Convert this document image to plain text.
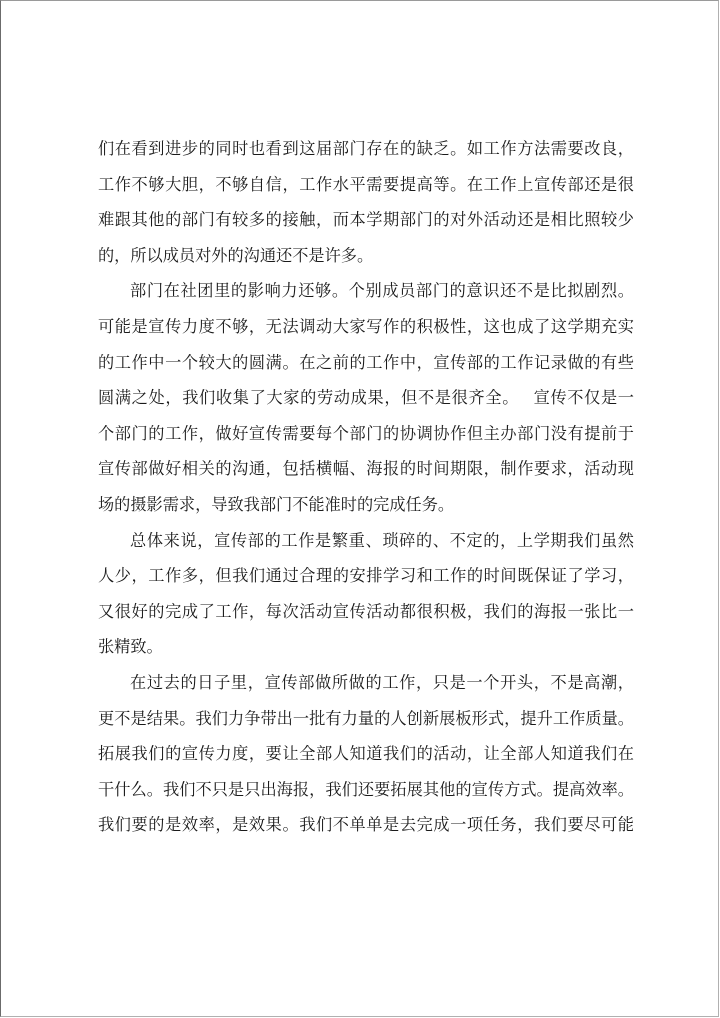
们在看到进步的同时也看到这届部门存在的缺乏。如工作方法需要改良，
工作不够大胆，不够自信，工作水平需要提高等。在工作上宣传部还是很
难跟其他的部门有较多的接触，而本学期部门的对外活动还是相比照较少
的，所以成员对外的沟通还不是许多。
部门在社团里的影响力还够。个别成员部门的意识还不是比拟剧烈。
可能是宣传力度不够，无法调动大家写作的积极性，这也成了这学期充实
的工作中一个较大的圆满。在之前的工作中，宣传部的工作记录做的有些
圆满之处，我们收集了大家的劳动成果，但不是很齐全。　 宣传不仅是一
个部门的工作，做好宣传需要每个部门的协调协作但主办部门没有提前于
宣传部做好相关的沟通，包括横幅、海报的时间期限，制作要求，活动现
场的摄影需求，导致我部门不能准时的完成任务。
总体来说，宣传部的工作是繁重、琐碎的、不定的，上学期我们虽然
人少，工作多，但我们通过合理的安排学习和工作的时间既保证了学习，
又很好的完成了工作，每次活动宣传活动都很积极，我们的海报一张比一
张精致。
在过去的日子里，宣传部做所做的工作，只是一个开头，不是高潮，
更不是结果。我们力争带出一批有力量的人创新展板形式，提升工作质量。
拓展我们的宣传力度，要让全部人知道我们的活动，让全部人知道我们在
干什么。我们不只是只出海报，我们还要拓展其他的宣传方式。提高效率。
我们要的是效率，是效果。我们不单单是去完成一项任务，我们要尽可能
